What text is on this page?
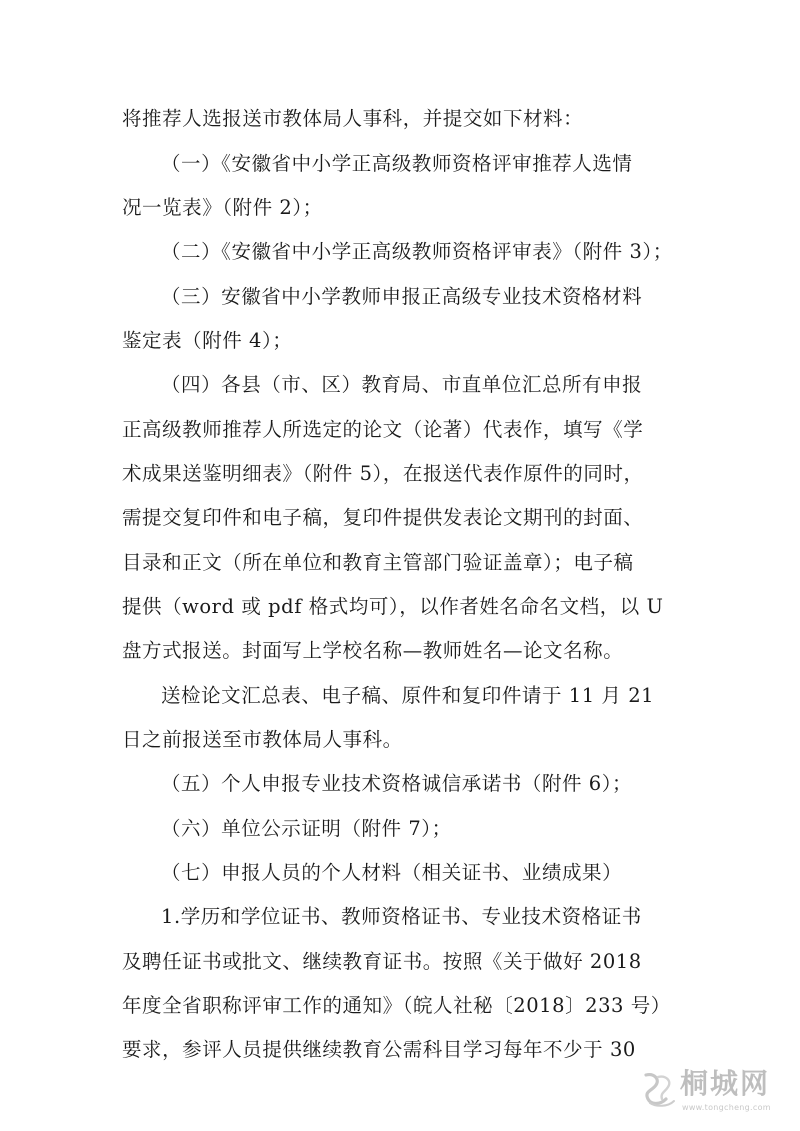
将推荐人选报送市教体局人事科，并提交如下材料：
（一）《安徽省中小学正高级教师资格评审推荐人选情
况一览表》（附件 2）；
（二）《安徽省中小学正高级教师资格评审表》（附件 3）；
（三）安徽省中小学教师申报正高级专业技术资格材料
鉴定表（附件 4）；
（四）各县（市、区）教育局、市直单位汇总所有申报
正高级教师推荐人所选定的论文（论著）代表作，填写《学
术成果送鉴明细表》（附件 5），在报送代表作原件的同时，
需提交复印件和电子稿，复印件提供发表论文期刊的封面、
目录和正文（所在单位和教育主管部门验证盖章）；电子稿
提供（word 或 pdf 格式均可），以作者姓名命名文档，以 U
盘方式报送。封面写上学校名称—教师姓名—论文名称。
送检论文汇总表、电子稿、原件和复印件请于 11 月 21
日之前报送至市教体局人事科。
（五）个人申报专业技术资格诚信承诺书（附件 6）；
（六）单位公示证明（附件 7）；
（七）申报人员的个人材料（相关证书、业绩成果）
1.学历和学位证书、教师资格证书、专业技术资格证书
及聘任证书或批文、继续教育证书。按照《关于做好 2018
年度全省职称评审工作的通知》（皖人社秘〔2018〕233 号）
要求，参评人员提供继续教育公需科目学习每年不少于 30
桐城网
www.tongcheng.com
